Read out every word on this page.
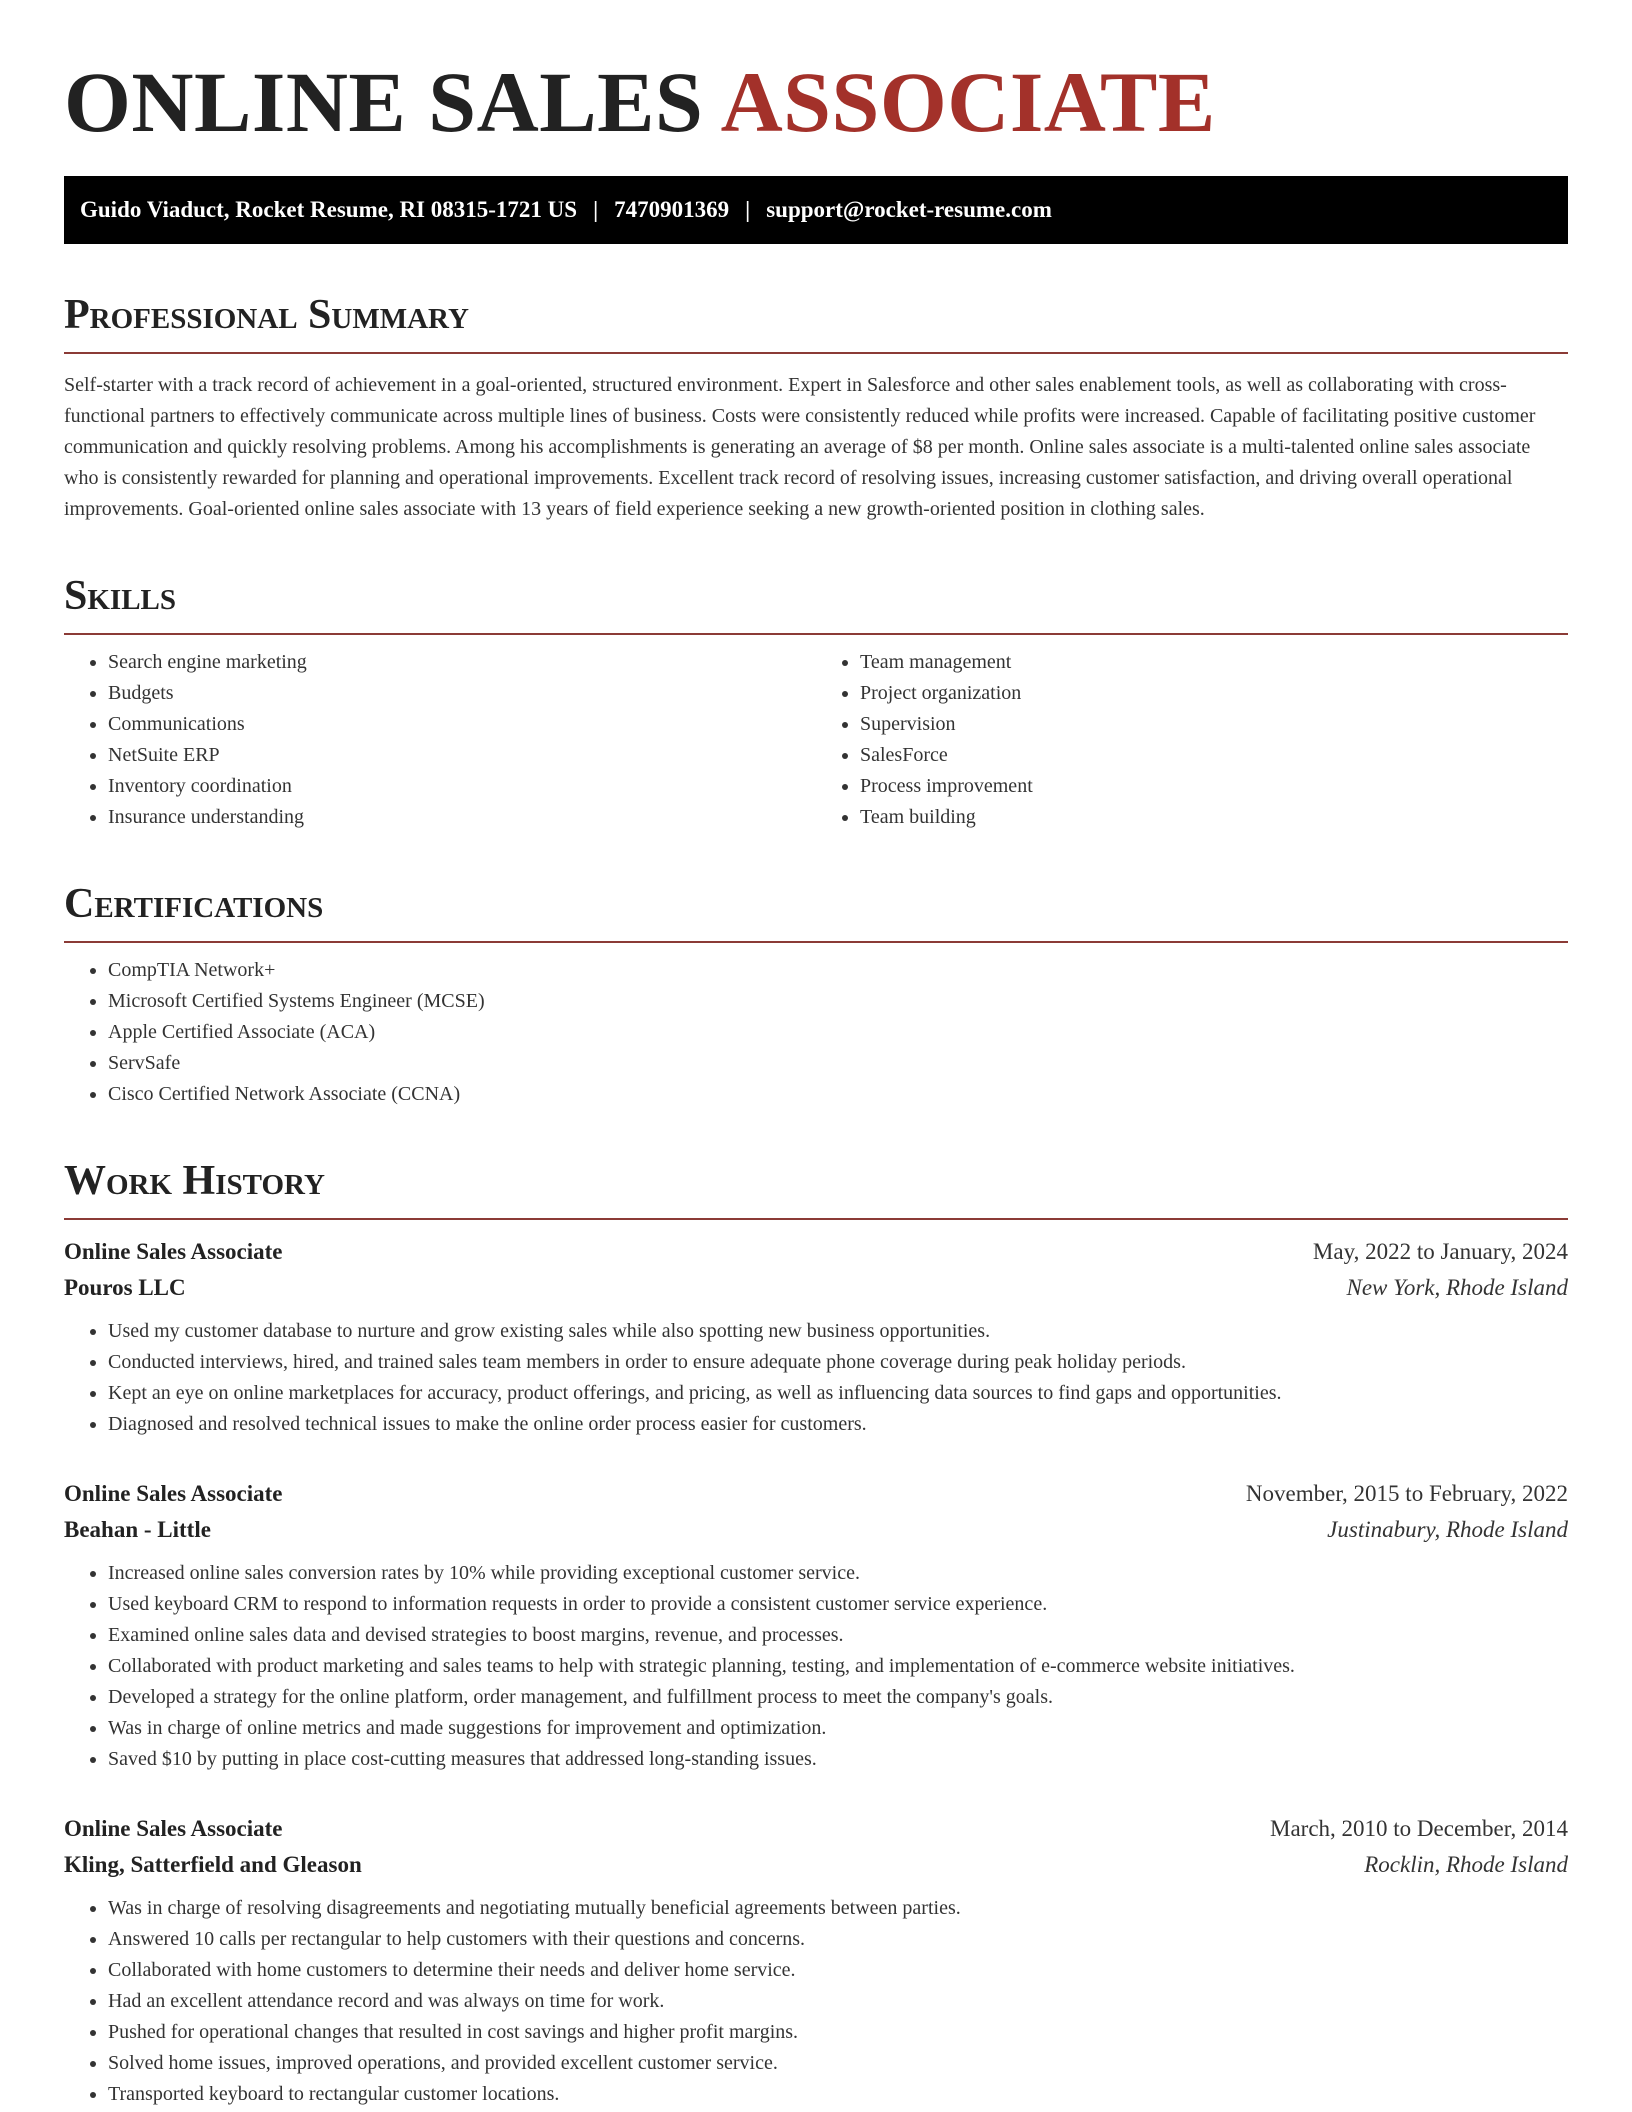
ONLINE SALES ASSOCIATE
Guido Viaduct, Rocket Resume, RI 08315-1721 US | 7470901369 | support@rocket-resume.com
Professional Summary

Self-starter with a track record of achievement in a goal-oriented, structured environment. Expert in Salesforce and other sales enablement tools, as well as collaborating with cross-functional partners to effectively communicate across multiple lines of business. Costs were consistently reduced while profits were increased. Capable of facilitating positive customer communication and quickly resolving problems. Among his accomplishments is generating an average of $8 per month. Online sales associate is a multi-talented online sales associate who is consistently rewarded for planning and operational improvements. Excellent track record of resolving issues, increasing customer satisfaction, and driving overall operational improvements. Goal-oriented online sales associate with 13 years of field experience seeking a new growth-oriented position in clothing sales.

Skills
• Search engine marketing
• Budgets
• Communications
• NetSuite ERP
• Inventory coordination
• Insurance understanding
• Team management
• Project organization
• Supervision
• SalesForce
• Process improvement
• Team building
Certifications
• CompTIA Network+
• Microsoft Certified Systems Engineer (MCSE)
• Apple Certified Associate (ACA)
• ServSafe
• Cisco Certified Network Associate (CCNA)
Work History
Online Sales Associate	May, 2022 to January, 2024
Pouros LLC	New York, Rhode Island
• Used my customer database to nurture and grow existing sales while also spotting new business opportunities.
• Conducted interviews, hired, and trained sales team members in order to ensure adequate phone coverage during peak holiday periods.
• Kept an eye on online marketplaces for accuracy, product offerings, and pricing, as well as influencing data sources to find gaps and opportunities.
• Diagnosed and resolved technical issues to make the online order process easier for customers.
Online Sales Associate	November, 2015 to February, 2022
Beahan - Little	Justinabury, Rhode Island
• Increased online sales conversion rates by 10% while providing exceptional customer service.
• Used keyboard CRM to respond to information requests in order to provide a consistent customer service experience.
• Examined online sales data and devised strategies to boost margins, revenue, and processes.
• Collaborated with product marketing and sales teams to help with strategic planning, testing, and implementation of e-commerce website initiatives.
• Developed a strategy for the online platform, order management, and fulfillment process to meet the company's goals.
• Was in charge of online metrics and made suggestions for improvement and optimization.
• Saved $10 by putting in place cost-cutting measures that addressed long-standing issues.
Online Sales Associate	March, 2010 to December, 2014
Kling, Satterfield and Gleason	Rocklin, Rhode Island
• Was in charge of resolving disagreements and negotiating mutually beneficial agreements between parties.
• Answered 10 calls per rectangular to help customers with their questions and concerns.
• Collaborated with home customers to determine their needs and deliver home service.
• Had an excellent attendance record and was always on time for work.
• Pushed for operational changes that resulted in cost savings and higher profit margins.
• Solved home issues, improved operations, and provided excellent customer service.
• Transported keyboard to rectangular customer locations.
